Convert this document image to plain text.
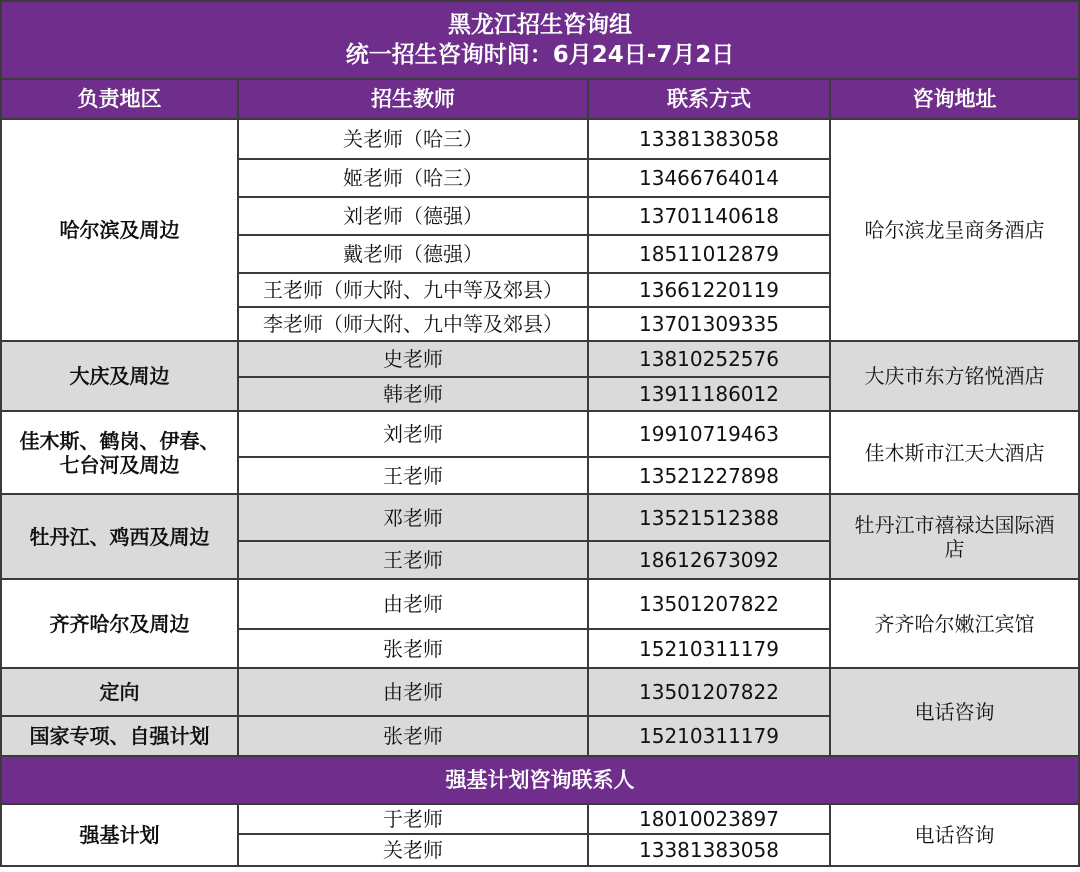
黑龙江招生咨询组
统一招生咨询时间：6月24日-7月2日			

负责地区	招生教师	联系方式	咨询地址
哈尔滨及周边	关老师（哈三）	13381383058	哈尔滨龙呈商务酒店
	姬老师（哈三）	13466764014	
	刘老师（德强）	13701140618	
	戴老师（德强）	18511012879	
	王老师（师大附、九中等及郊县）	13661220119	
	李老师（师大附、九中等及郊县）	13701309335	
大庆及周边	史老师	13810252576	大庆市东方铭悦酒店
	韩老师	13911186012	

佳木斯、鹤岗、伊春、
七台河及周边	刘老师	19910719463	佳木斯市江天大酒店
	王老师	13521227898	
牡丹江、鸡西及周边	邓老师	13521512388	牡丹江市禧禄达国际酒
店

	王老师	18612673092	
齐齐哈尔及周边	由老师	13501207822	齐齐哈尔嫩江宾馆
	张老师	15210311179	
定向	由老师	13501207822	电话咨询
国家专项、自强计划	张老师	15210311179	
强基计划咨询联系人			
强基计划	于老师	18010023897	电话咨询
	关老师	13381383058	
